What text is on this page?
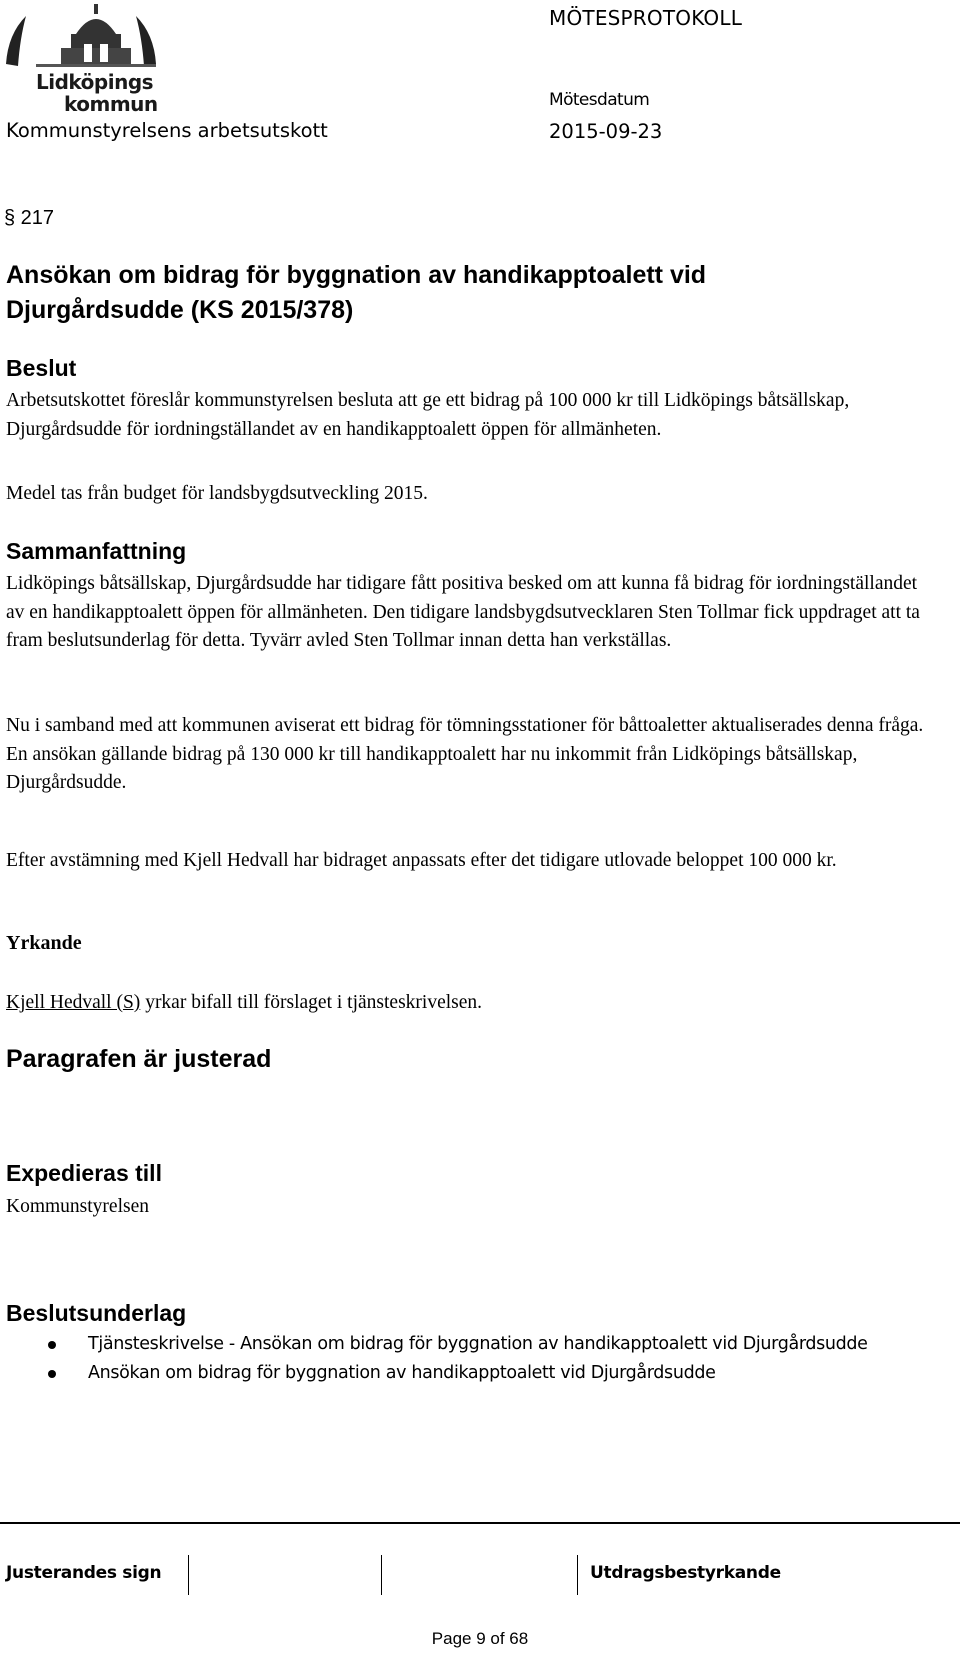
Lidköpings
kommun
MÖTESPROTOKOLL
Kommunstyrelsens arbetsutskott
Mötesdatum
2015-09-23
§ 217
Ansökan om bidrag för byggnation av handikapptoalett vid
Djurgårdsudde (KS 2015/378)
Beslut

Arbetsutskottet föreslår kommunstyrelsen besluta att ge ett bidrag på 100 000 kr till Lidköpings båtsällskap, Djurgårdsudde för iordningställandet av en handikapptoalett öppen för allmänheten.

Medel tas från budget för landsbygdsutveckling 2015.

Sammanfattning

Lidköpings båtsällskap, Djurgårdsudde har tidigare fått positiva besked om att kunna få bidrag för iordningställandet av en handikapptoalett öppen för allmänheten. Den tidigare landsbygdsutvecklaren Sten Tollmar fick uppdraget att ta fram beslutsunderlag för detta. Tyvärr avled Sten Tollmar innan detta han verkställas.

Nu i samband med att kommunen aviserat ett bidrag för tömningsstationer för båttoaletter aktualiserades denna fråga. En ansökan gällande bidrag på 130 000 kr till handikapptoalett har nu inkommit från Lidköpings båtsällskap, Djurgårdsudde.

Efter avstämning med Kjell Hedvall har bidraget anpassats efter det tidigare utlovade beloppet 100 000 kr.

Yrkande

Kjell Hedvall (S) yrkar bifall till förslaget i tjänsteskrivelsen.

Paragrafen är justerad
Expedieras till
Kommunstyrelsen
Beslutsunderlag
Tjänsteskrivelse - Ansökan om bidrag för byggnation av handikapptoalett vid Djurgårdsudde
Ansökan om bidrag för byggnation av handikapptoalett vid Djurgårdsudde
Justerandes sign	Utdragsbestyrkande
Page 9 of 68
